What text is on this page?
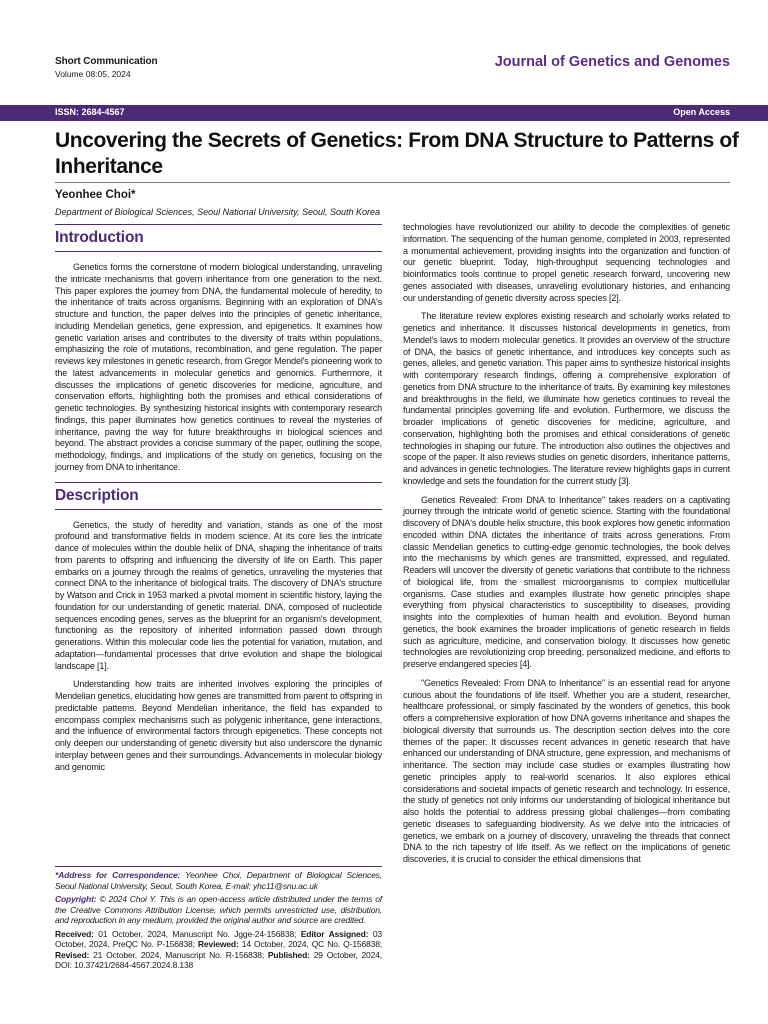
Short Communication
Volume 08:05, 2024
Journal of Genetics and Genomes
ISSN: 2684-4567	Open Access
Uncovering the Secrets of Genetics: From DNA Structure to Patterns of Inheritance
Yeonhee Choi*
Department of Biological Sciences, Seoul National University, Seoul, South Korea
Introduction

Genetics forms the cornerstone of modern biological understanding, unraveling the intricate mechanisms that govern inheritance from one generation to the next. This paper explores the journey from DNA, the fundamental molecule of heredity, to the inheritance of traits across organisms. Beginning with an exploration of DNA's structure and function, the paper delves into the principles of genetic inheritance, including Mendelian genetics, gene expression, and epigenetics. It examines how genetic variation arises and contributes to the diversity of traits within populations, emphasizing the role of mutations, recombination, and gene regulation. The paper reviews key milestones in genetic research, from Gregor Mendel's pioneering work to the latest advancements in molecular genetics and genomics. Furthermore, it discusses the implications of genetic discoveries for medicine, agriculture, and conservation efforts, highlighting both the promises and ethical considerations of genetic technologies. By synthesizing historical insights with contemporary research findings, this paper illuminates how genetics continues to reveal the mysteries of inheritance, paving the way for future breakthroughs in biological sciences and beyond. The abstract provides a concise summary of the paper, outlining the scope, methodology, findings, and implications of the study on genetics, focusing on the journey from DNA to inheritance.

Description

Genetics, the study of heredity and variation, stands as one of the most profound and transformative fields in modern science. At its core lies the intricate dance of molecules within the double helix of DNA, shaping the inheritance of traits from parents to offspring and influencing the diversity of life on Earth. This paper embarks on a journey through the realms of genetics, unraveling the mysteries that connect DNA to the inheritance of biological traits. The discovery of DNA's structure by Watson and Crick in 1953 marked a pivotal moment in scientific history, laying the foundation for our understanding of genetic material. DNA, composed of nucleotide sequences encoding genes, serves as the blueprint for an organism's development, functioning as the repository of inherited information passed down through generations. Within this molecular code lies the potential for variation, mutation, and adaptation—fundamental processes that drive evolution and shape the biological landscape [1].

Understanding how traits are inherited involves exploring the principles of Mendelian genetics, elucidating how genes are transmitted from parent to offspring in predictable patterns. Beyond Mendelian inheritance, the field has expanded to encompass complex mechanisms such as polygenic inheritance, gene interactions, and the influence of environmental factors through epigenetics. These concepts not only deepen our understanding of genetic diversity but also underscore the dynamic interplay between genes and their surroundings. Advancements in molecular biology and genomic

technologies have revolutionized our ability to decode the complexities of genetic information. The sequencing of the human genome, completed in 2003, represented a monumental achievement, providing insights into the organization and function of our genetic blueprint. Today, high-throughput sequencing technologies and bioinformatics tools continue to propel genetic research forward, uncovering new genes associated with diseases, unraveling evolutionary histories, and enhancing our understanding of genetic diversity across species [2].

The literature review explores existing research and scholarly works related to genetics and inheritance. It discusses historical developments in genetics, from Mendel's laws to modern molecular genetics. It provides an overview of the structure of DNA, the basics of genetic inheritance, and introduces key concepts such as genes, alleles, and genetic variation. This paper aims to synthesize historical insights with contemporary research findings, offering a comprehensive exploration of genetics from DNA structure to the inheritance of traits. By examining key milestones and breakthroughs in the field, we illuminate how genetics continues to reveal the fundamental principles governing life and evolution. Furthermore, we discuss the broader implications of genetic discoveries for medicine, agriculture, and conservation, highlighting both the promises and ethical considerations of genetic technologies in shaping our future. The introduction also outlines the objectives and scope of the paper. It also reviews studies on genetic disorders, inheritance patterns, and advances in genetic technologies. The literature review highlights gaps in current knowledge and sets the foundation for the current study [3].

Genetics Revealed: From DNA to Inheritance" takes readers on a captivating journey through the intricate world of genetic science. Starting with the foundational discovery of DNA's double helix structure, this book explores how genetic information encoded within DNA dictates the inheritance of traits across generations. From classic Mendelian genetics to cutting-edge genomic technologies, the book delves into the mechanisms by which genes are transmitted, expressed, and regulated. Readers will uncover the diversity of genetic variations that contribute to the richness of biological life, from the smallest microorganisms to complex multicellular organisms. Case studies and examples illustrate how genetic principles shape everything from physical characteristics to susceptibility to diseases, providing insights into the complexities of human health and evolution. Beyond human genetics, the book examines the broader implications of genetic research in fields such as agriculture, medicine, and conservation biology. It discusses how genetic technologies are revolutionizing crop breeding, personalized medicine, and efforts to preserve endangered species [4].

"Genetics Revealed: From DNA to Inheritance" is an essential read for anyone curious about the foundations of life itself. Whether you are a student, researcher, healthcare professional, or simply fascinated by the wonders of genetics, this book offers a comprehensive exploration of how DNA governs inheritance and shapes the biological diversity that surrounds us. The description section delves into the core themes of the paper. It discusses recent advances in genetic research that have enhanced our understanding of DNA structure, gene expression, and mechanisms of inheritance. The section may include case studies or examples illustrating how genetic principles apply to real-world scenarios. It also explores ethical considerations and societal impacts of genetic research and technology. In essence, the study of genetics not only informs our understanding of biological inheritance but also holds the potential to address pressing global challenges—from combating genetic diseases to safeguarding biodiversity. As we delve into the intricacies of genetics, we embark on a journey of discovery, unraveling the threads that connect DNA to the rich tapestry of life itself. As we reflect on the implications of genetic discoveries, it is crucial to consider the ethical dimensions that

*Address for Correspondence: Yeonhee Choi, Department of Biological Sciences, Seoul National University, Seoul, South Korea, E-mail: yhc11@snu.ac.uk
Copyright: © 2024 Choi Y. This is an open-access article distributed under the terms of the Creative Commons Attribution License, which permits unrestricted use, distribution, and reproduction in any medium, provided the original author and source are credited.
Received: 01 October, 2024, Manuscript No. Jgge-24-156838; Editor Assigned: 03 October, 2024, PreQC No. P-156838; Reviewed: 14 October, 2024, QC No. Q-156838; Revised: 21 October, 2024, Manuscript No. R-156838; Published: 29 October, 2024, DOI: 10.37421/2684-4567.2024.8.138
